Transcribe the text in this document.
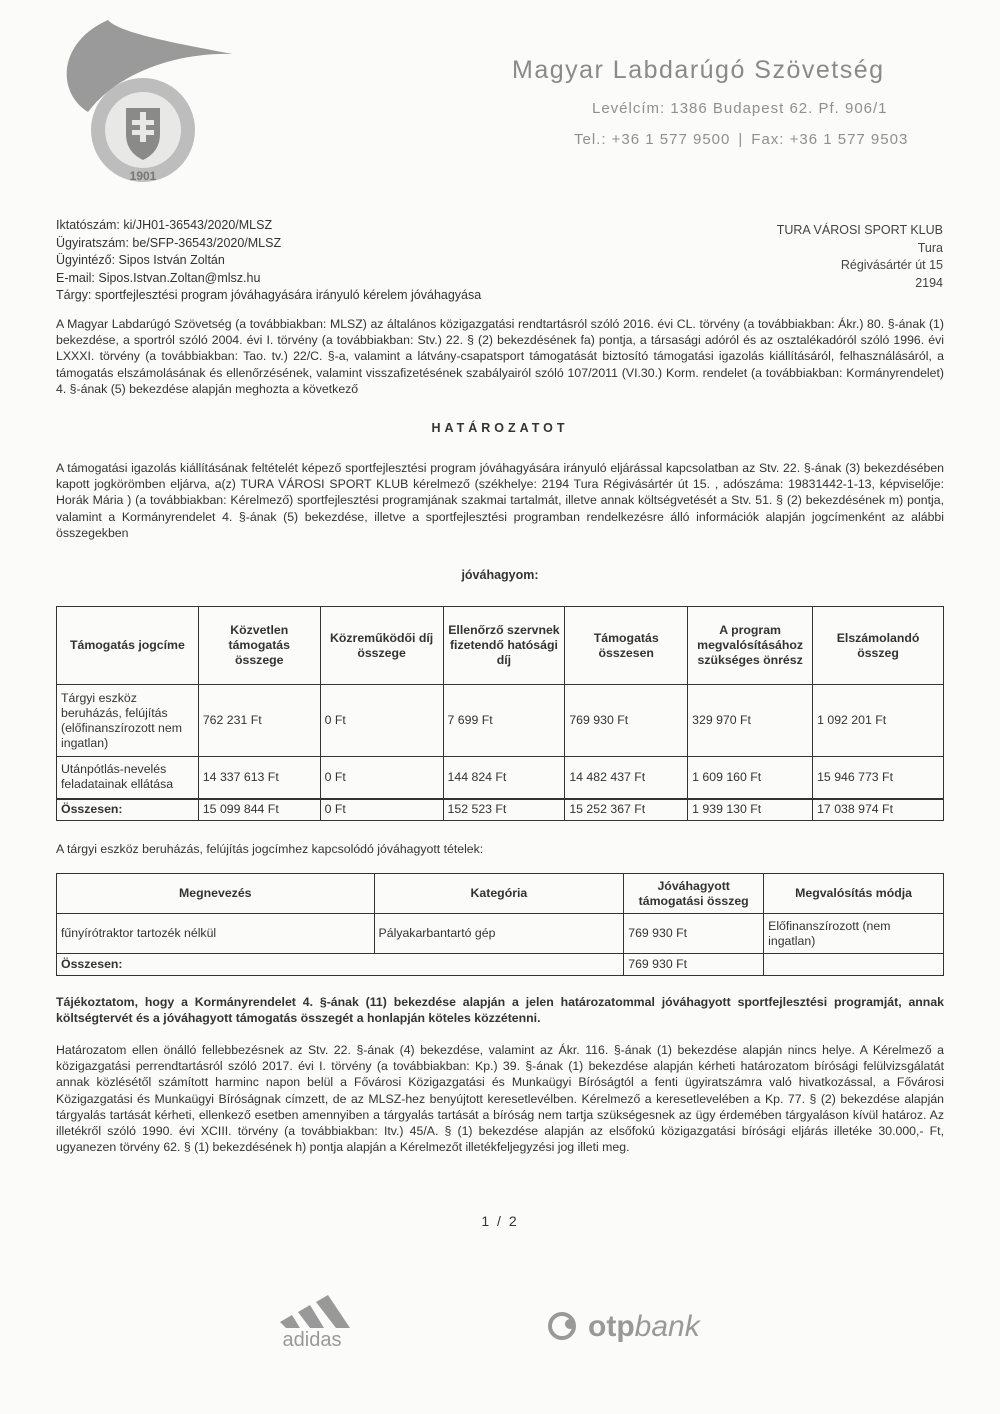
1901
Magyar Labdarúgó Szövetség
Levélcím: 1386 Budapest 62. Pf. 906/1
Tel.: +36 1 577 9500 | Fax: +36 1 577 9503
Iktatószám: ki/JH01-36543/2020/MLSZ
Ügyiratszám: be/SFP-36543/2020/MLSZ
Ügyintéző: Sipos István Zoltán
E-mail: Sipos.Istvan.Zoltan@mlsz.hu
Tárgy: sportfejlesztési program jóváhagyására irányuló kérelem jóváhagyása
TURA VÁROSI SPORT KLUB
Tura
Régivásártér út 15
2194

A Magyar Labdarúgó Szövetség (a továbbiakban: MLSZ) az általános közigazgatási rendtartásról szóló 2016. évi CL. törvény (a továbbiakban: Ákr.) 80. §-ának (1) bekezdése, a sportról szóló 2004. évi I. törvény (a továbbiakban: Stv.) 22. § (2) bekezdésének fa) pontja, a társasági adóról és az osztalékadóról szóló 1996. évi LXXXI. törvény (a továbbiakban: Tao. tv.) 22/C. §-a, valamint a látvány-csapatsport támogatását biztosító támogatási igazolás kiállításáról, felhasználásáról, a támogatás elszámolásának és ellenőrzésének, valamint visszafizetésének szabályairól szóló 107/2011 (VI.30.) Korm. rendelet (a továbbiakban: Kormányrendelet) 4. §-ának (5) bekezdése alapján meghozta a következő

HATÁROZATOT

A támogatási igazolás kiállításának feltételét képező sportfejlesztési program jóváhagyására irányuló eljárással kapcsolatban az Stv. 22. §-ának (3) bekezdésében kapott jogkörömben eljárva, a(z) TURA VÁROSI SPORT KLUB kérelmező (székhelye: 2194 Tura Régivásártér út 15. , adószáma: 19831442-1-13, képviselője: Horák Mária ) (a továbbiakban: Kérelmező) sportfejlesztési programjának szakmai tartalmát, illetve annak költségvetését a Stv. 51. § (2) bekezdésének m) pontja, valamint a Kormányrendelet 4. §-ának (5) bekezdése, illetve a sportfejlesztési programban rendelkezésre álló információk alapján jogcímenként az alábbi összegekben

jóváhagyom:
Támogatás jogcíme	Közvetlen támogatás összege	Közreműködői díj összege	Ellenőrző szervnek fizetendő hatósági díj	Támogatás összesen	A program megvalósításához szükséges önrész	Elszámolandó összeg
Tárgyi eszköz beruházás, felújítás (előfinanszírozott nem ingatlan)	762 231 Ft	0 Ft	7 699 Ft	769 930 Ft	329 970 Ft	1 092 201 Ft
Utánpótlás-nevelés feladatainak ellátása	14 337 613 Ft	0 Ft	144 824 Ft	14 482 437 Ft	1 609 160 Ft	15 946 773 Ft
Összesen:	15 099 844 Ft	0 Ft	152 523 Ft	15 252 367 Ft	1 939 130 Ft	17 038 974 Ft
A tárgyi eszköz beruházás, felújítás jogcímhez kapcsolódó jóváhagyott tételek:
Megnevezés	Kategória	Jóváhagyott támogatási összeg	Megvalósítás módja
fűnyírótraktor tartozék nélkül	Pályakarbantartó gép	769 930 Ft	Előfinanszírozott (nem ingatlan)
Összesen:		769 930 Ft	

Tájékoztatom, hogy a Kormányrendelet 4. §-ának (11) bekezdése alapján a jelen határozatommal jóváhagyott sportfejlesztési programját, annak költségtervét és a jóváhagyott támogatás összegét a honlapján köteles közzétenni.

Határozatom ellen önálló fellebbezésnek az Stv. 22. §-ának (4) bekezdése, valamint az Ákr. 116. §-ának (1) bekezdése alapján nincs helye. A Kérelmező a közigazgatási perrendtartásról szóló 2017. évi I. törvény (a továbbiakban: Kp.) 39. §-ának (1) bekezdése alapján kérheti határozatom bírósági felülvizsgálatát annak közlésétől számított harminc napon belül a Fővárosi Közigazgatási és Munkaügyi Bíróságtól a fenti ügyiratszámra való hivatkozással, a Fővárosi Közigazgatási és Munkaügyi Bíróságnak címzett, de az MLSZ-hez benyújtott keresetlevélben. Kérelmező a keresetlevelében a Kp. 77. § (2) bekezdése alapján tárgyalás tartását kérheti, ellenkező esetben amennyiben a tárgyalás tartását a bíróság nem tartja szükségesnek az ügy érdemében tárgyaláson kívül határoz. Az illetékről szóló 1990. évi XCIII. törvény (a továbbiakban: Itv.) 45/A. § (1) bekezdése alapján az elsőfokú közigazgatási bírósági eljárás illetéke 30.000,- Ft, ugyanezen törvény 62. § (1) bekezdésének h) pontja alapján a Kérelmezőt illetékfeljegyzési jog illeti meg.

1 / 2
adidas	otpbank
